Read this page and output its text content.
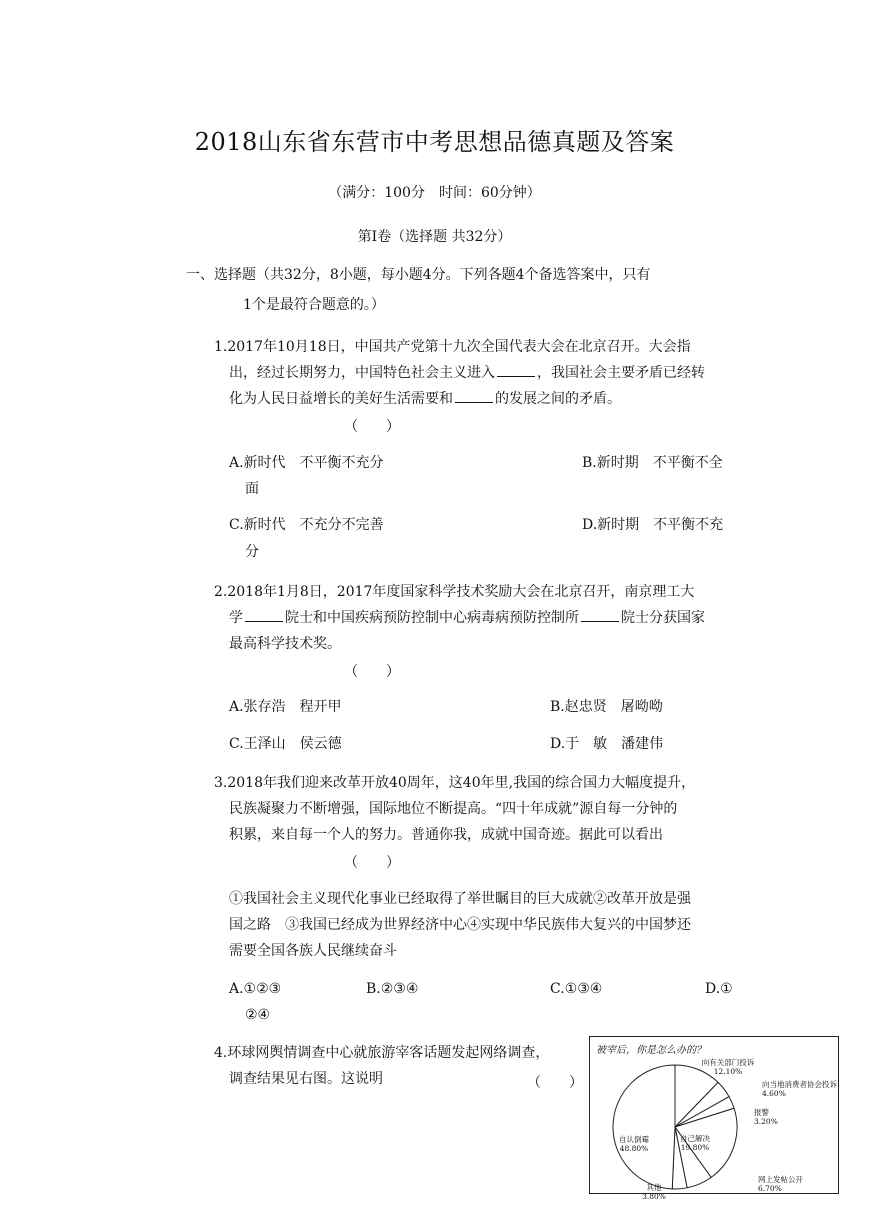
2018山东省东营市中考思想品德真题及答案
（满分：100分　时间：60分钟）
第Ⅰ卷（选择题 共32分）
一、选择题（共32分，8小题，每小题4分。下列各题4个备选答案中，只有
1个是最符合题意的。）
1.2017年10月18日，中国共产党第十九次全国代表大会在北京召开。大会指
出，经过长期努力，中国特色社会主义进入	，我国社会主要矛盾已经转
化为人民日益增长的美好生活需要和	的发展之间的矛盾。
（　　）
A.新时代　不平衡不充分	B.新时期　不平衡不全
面
C.新时代　不充分不完善	D.新时期　不平衡不充
分
2.2018年1月8日，2017年度国家科学技术奖励大会在北京召开，南京理工大
学	院士和中国疾病预防控制中心病毒病预防控制所	院士分获国家
最高科学技术奖。
（　　）
A.张存浩　程开甲	B.赵忠贤　屠呦呦
C.王泽山　侯云德	D.于　敏　潘建伟
3.2018年我们迎来改革开放40周年，这40年里,我国的综合国力大幅度提升，
民族凝聚力不断增强，国际地位不断提高。“四十年成就”源自每一分钟的
积累，来自每一个人的努力。普通你我，成就中国奇迹。据此可以看出
（　　）
①我国社会主义现代化事业已经取得了举世瞩目的巨大成就②改革开放是强
国之路　③我国已经成为世界经济中心④实现中华民族伟大复兴的中国梦还
需要全国各族人民继续奋斗
A.①②③	B.②③④	C.①③④	D.①
②④
4.环球网舆情调查中心就旅游宰客话题发起网络调查，
调查结果见右图。这说明	（　　）
被宰后，你是怎么办的？
向有关部门投诉
12.10%
向当地消费者协会投诉
4.60%
报警
3.20%
自己解决
19.80%
网上发帖公开
6.70%
其他
3.80%
自认倒霉
48.80%
